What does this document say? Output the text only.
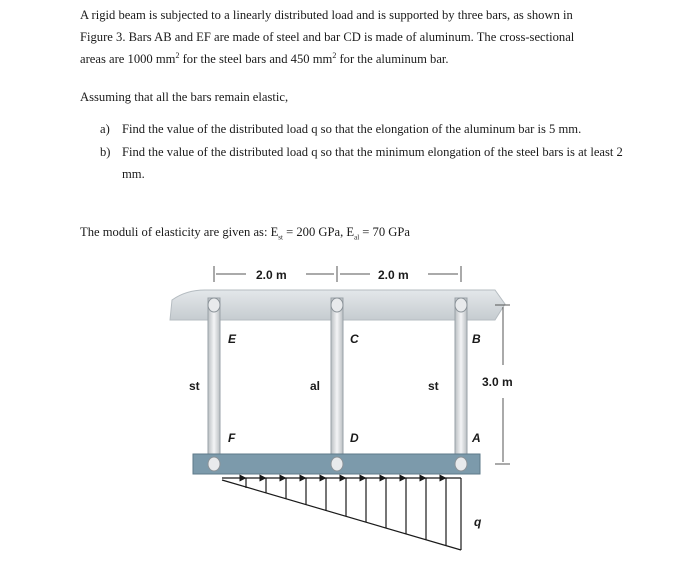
A rigid beam is subjected to a linearly distributed load and is supported by three bars, as shown in
Figure 3. Bars AB and EF are made of steel and bar CD is made of aluminum. The cross-sectional
areas are 1000 $mm^2$ for the steel bars and 450 $mm^2$ for the aluminum bar.
Assuming that all the bars remain elastic,
a) Find the value of the distributed load q so that the elongation of the aluminum bar is 5 mm.
b) Find the value of the distributed load q so that the minimum elongation of the steel bars is at least 2 mm.
The moduli of elasticity are given as: $E_{st} = 200$ GPa, $E_{al} = 70$ GPa
2.0 m	2.0 m
3.0 m
E
F
C
D
B
A
st	al	st
q
